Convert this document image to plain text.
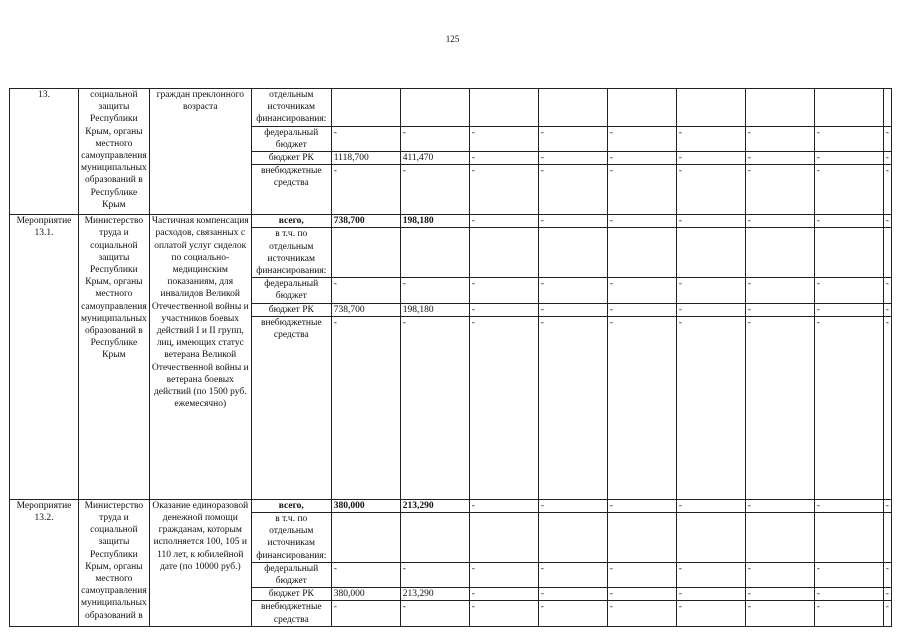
125
13.	социальной защиты Республики Крым, органы местного самоуправления муниципальных образований в Республике Крым	граждан преклонного возраста	отдельным источникам финансирования:									
			федеральный бюджет	-	-	-	-	-	-	-	-	-
			бюджет РК	1118,700	411,470	-	-	-	-	-	-	-
			внебюджетные средства	-	-	-	-	-	-	-	-	-
Мероприятие 13.1.	Министерство труда и социальной защиты Республики Крым, органы местного самоуправления муниципальных образований в Республике Крым	Частичная компенсация расходов, связанных с оплатой услуг сиделок по социально-медицинским показаниям, для инвалидов Великой Отечественной войны и участников боевых действий I и II групп, лиц, имеющих статус ветерана Великой Отечественной войны и ветерана боевых действий (по 1500 руб. ежемесячно)	всего,	738,700	198,180	-	-	-	-	-	-	-
			в т.ч. по отдельным источникам финансирования:									
			федеральный бюджет	-	-	-	-	-	-	-	-	-
			бюджет РК	738,700	198,180	-	-	-	-	-	-	-
			внебюджетные средства	-	-	-	-	-	-	-	-	-
Мероприятие 13.2.	Министерство труда и социальной защиты Республики Крым, органы местного самоуправления муниципальных образований в	Оказание единоразовой денежной помощи гражданам, которым исполняется 100, 105 и 110 лет, к юбилейной дате (по 10000 руб.)	всего,	380,000	213,290	-	-	-	-	-	-	-
			в т.ч. по отдельным источникам финансирования:									
			федеральный бюджет	-	-	-	-	-	-	-	-	-
			бюджет РК	380,000	213,290	-	-	-	-	-	-	-
			внебюджетные средства	-	-	-	-	-	-	-	-	-
